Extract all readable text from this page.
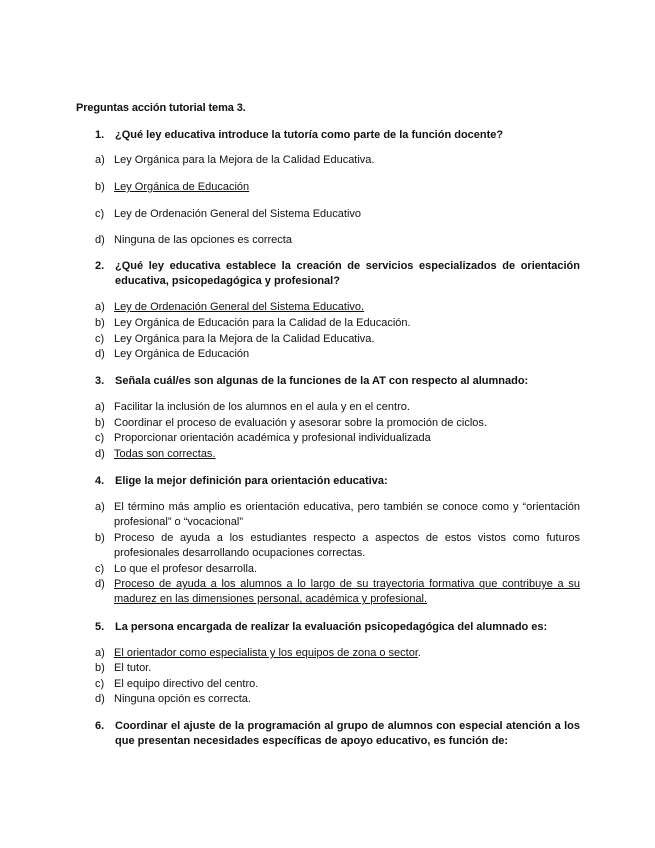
Preguntas acción tutorial tema 3.
1. ¿Qué ley educativa introduce la tutoría como parte de la función docente?
a) Ley Orgánica para la Mejora de la Calidad Educativa.
b) Ley Orgánica de Educación
c) Ley de Ordenación General del Sistema Educativo
d) Ninguna de las opciones es correcta
2. ¿Qué ley educativa establece la creación de servicios especializados de orientación educativa, psicopedagógica y profesional?
a) Ley de Ordenación General del Sistema Educativo.
b) Ley Orgánica de Educación para la Calidad de la Educación.
c) Ley Orgánica para la Mejora de la Calidad Educativa.
d) Ley Orgánica de Educación
3. Señala cuál/es son algunas de la funciones de la AT con respecto al alumnado:
a) Facilitar la inclusión de los alumnos en el aula y en el centro.
b) Coordinar el proceso de evaluación y asesorar sobre la promoción de ciclos.
c) Proporcionar orientación académica y profesional individualizada
d) Todas son correctas.
4. Elige la mejor definición para orientación educativa:
a) El término más amplio es orientación educativa, pero también se conoce como y “orientación profesional” o “vocacional”
b) Proceso de ayuda a los estudiantes respecto a aspectos de estos vistos como futuros profesionales desarrollando ocupaciones correctas.
c) Lo que el profesor desarrolla.
d) Proceso de ayuda a los alumnos a lo largo de su trayectoria formativa que contribuye a su madurez en las dimensiones personal, académica y profesional.
5. La persona encargada de realizar la evaluación psicopedagógica del alumnado es:
a) El orientador como especialista y los equipos de zona o sector.
b) El tutor.
c) El equipo directivo del centro.
d) Ninguna opción es correcta.
6. Coordinar el ajuste de la programación al grupo de alumnos con especial atención a los que presentan necesidades específicas de apoyo educativo, es función de:
